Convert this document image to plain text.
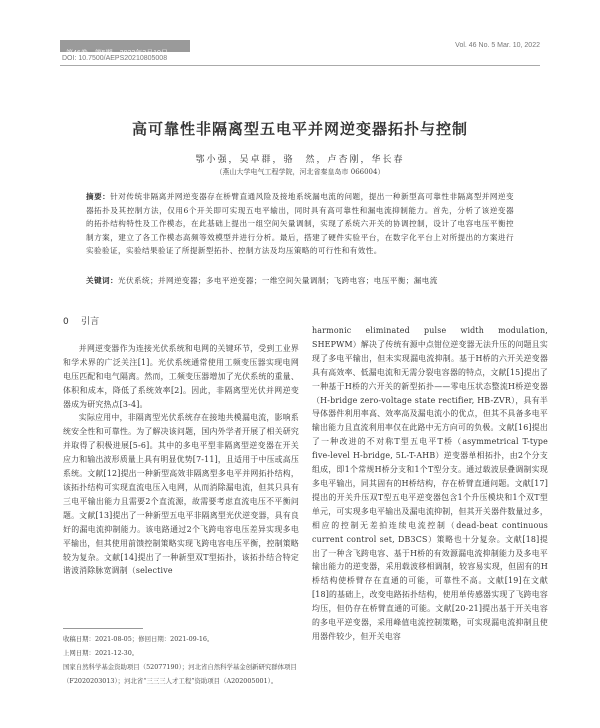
第46卷　第5期　2022年3月10日
Vol. 46 No. 5 Mar. 10, 2022
DOI: 10.7500/AEPS20210805008
高可靠性非隔离型五电平并网逆变器拓扑与控制
鄂小强，吴卓群，骆　然，卢杏刚，华长春
（燕山大学电气工程学院，河北省秦皇岛市 066004）
摘要：针对传统非隔离并网逆变器存在桥臂直通风险及接地系统漏电流的问题，提出一种新型高可靠性非隔离型并网逆变器拓扑及其控制方法，仅用6个开关即可实现五电平输出，同时具有高可靠性和漏电流抑制能力。首先，分析了该逆变器的拓扑结构特性及工作模态，在此基础上提出一组空间矢量调制，实现了系统六开关的协调控制，设计了电容电压平衡控制方案，建立了各工作模态高频等效模型并进行分析。最后，搭建了硬件实验平台，在数字化平台上对所提出的方案进行实验验证，实验结果验证了所提新型拓扑、控制方法及均压策略的可行性和有效性。
关键词：光伏系统；并网逆变器；多电平逆变器；一维空间矢量调制；飞跨电容；电压平衡；漏电流
0 引言

并网逆变器作为连接光伏系统和电网的关键环节，受到工业界和学术界的广泛关注[1]。光伏系统通常使用工频变压器实现电网电压匹配和电气隔离。然而，工频变压器增加了光伏系统的重量、体积和成本，降低了系统效率[2]。因此，非隔离型光伏并网逆变器成为研究热点[3-4]。

实际应用中，非隔离型光伏系统存在接地共模漏电流，影响系统安全性和可靠性。为了解决该问题，国内外学者开展了相关研究并取得了积极进展[5-6]。其中的多电平型非隔离型逆变器在开关应力和输出波形质量上具有明显优势[7-11]，且适用于中压或高压系统。文献[12]提出一种新型高效非隔离型多电平并网拓扑结构，该拓扑结构可实现直流电压入电网，从而消除漏电流，但其只具有三电平输出能力且需要2个直流源，故需要考虑直流电压不平衡问题。文献[13]提出了一种新型五电平非隔离型光伏逆变器，具有良好的漏电流抑制能力。该电路通过2个飞跨电容电压差异实现多电平输出，但其使用前馈控制策略实现飞跨电容电压平衡，控制策略较为复杂。文献[14]提出了一种新型双T型拓扑，该拓扑结合特定谐波消除脉宽调制（selective

harmonic eliminated pulse width modulation, SHEPWM）解决了传统有源中点钳位逆变器无法升压的问题且实现了多电平输出，但未实现漏电流抑制。基于H桥的六开关逆变器具有高效率、低漏电流和无需分裂电容器的特点，文献[15]提出了一种基于H桥的六开关的新型拓扑——零电压状态整流H桥逆变器（H-bridge zero-voltage state rectifier, HB-ZVR），具有半导体器件利用率高、效率高及漏电流小的优点，但其不具备多电平输出能力且直流利用率仅在此路中无方向可的负极。文献[16]提出了一种改进的不对称T型五电平T桥（asymmetrical T-type five-level H-bridge, 5L-T-AHB）逆变器单相拓扑，由2个分支组成，即1个常规H桥分支和1个T型分支。通过载波层叠调制实现多电平输出，同其固有的H桥结构，存在桥臂直通问题。文献[17]提出的开关升压双T型五电平逆变器包含1个升压模块和1个双T型单元，可实现多电平输出及漏电流抑制，但其开关器件数量过多，相应的控制无差拍连续电流控制（dead-beat continuous current control set, DB3CS）策略也十分复杂。文献[18]提出了一种含飞跨电容、基于H桥的有效源漏电流抑制能力及多电平输出能力的逆变器，采用载波移相调制，较容易实现，但固有的H桥结构使桥臂存在直通的可能，可靠性不高。文献[19]在文献[18]的基础上，改变电路拓扑结构，使用单传感器实现了飞跨电容均压，但仍存在桥臂直通的可能。文献[20-21]提出基于开关电容的多电平逆变器，采用峰值电流控制策略，可实现漏电流抑制且使用器件较少，但开关电容

收稿日期：2021-08-05；修回日期：2021-09-16。
上网日期：2021-12-30。
国家自然科学基金资助项目（52077190）；河北省自然科学基金创新研究群体项目（F2020203013）；河北省“三三三人才工程”资助项目（A202005001）。
